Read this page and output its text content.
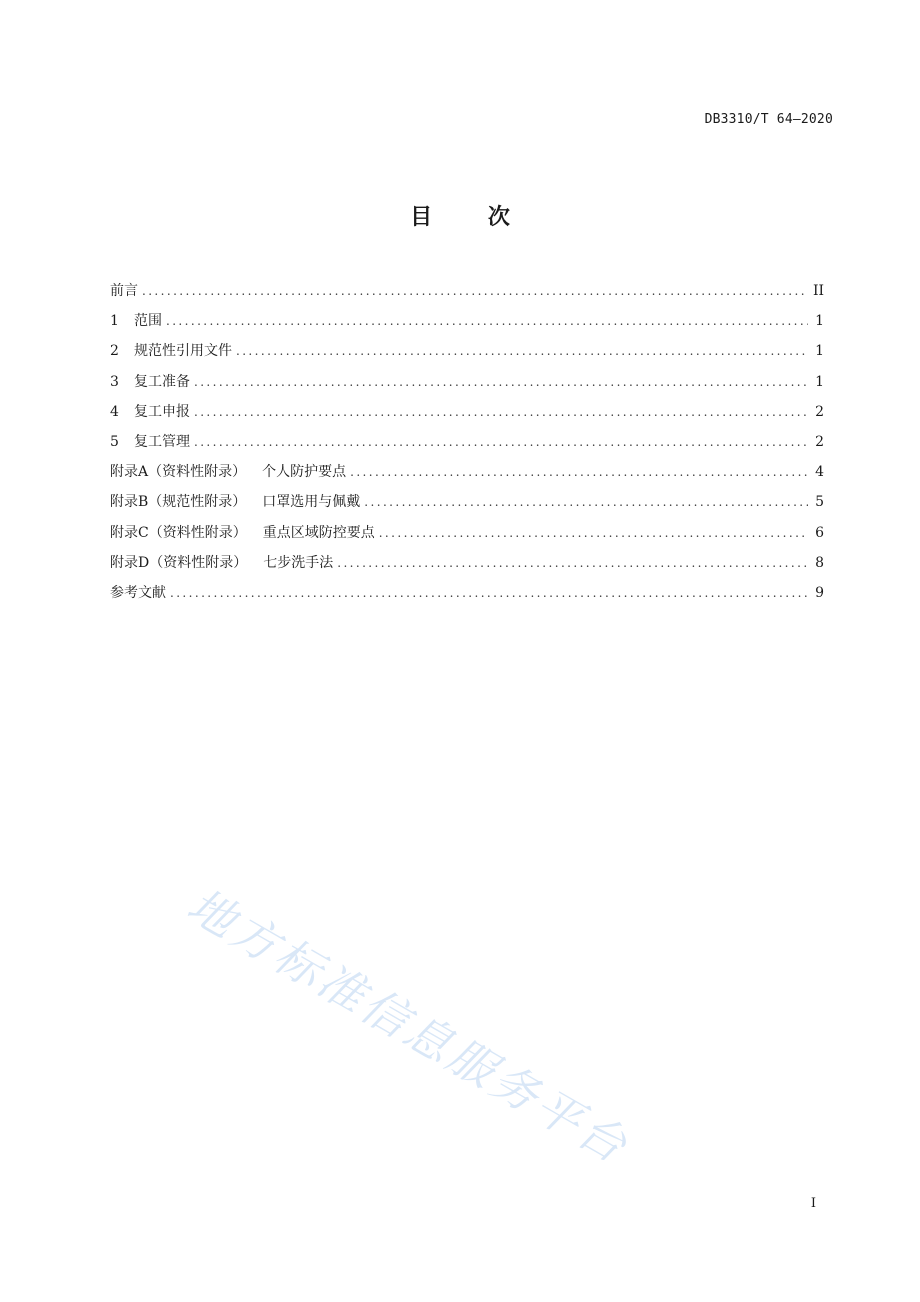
DB3310/T 64—2020
目 次
前言 .....	II
1 范围 .....	1
2 规范性引用文件 .....	1
3 复工准备 .....	1
4 复工申报 .....	2
5 复工管理 .....	2
附录A（资料性附录） 个人防护要点 .....	4
附录B（规范性附录） 口罩选用与佩戴 .....	5
附录C（资料性附录） 重点区域防控要点 .....	6
附录D（资料性附录） 七步洗手法 .....	8
参考文献 .....	9
地方标准信息服务平台
I
